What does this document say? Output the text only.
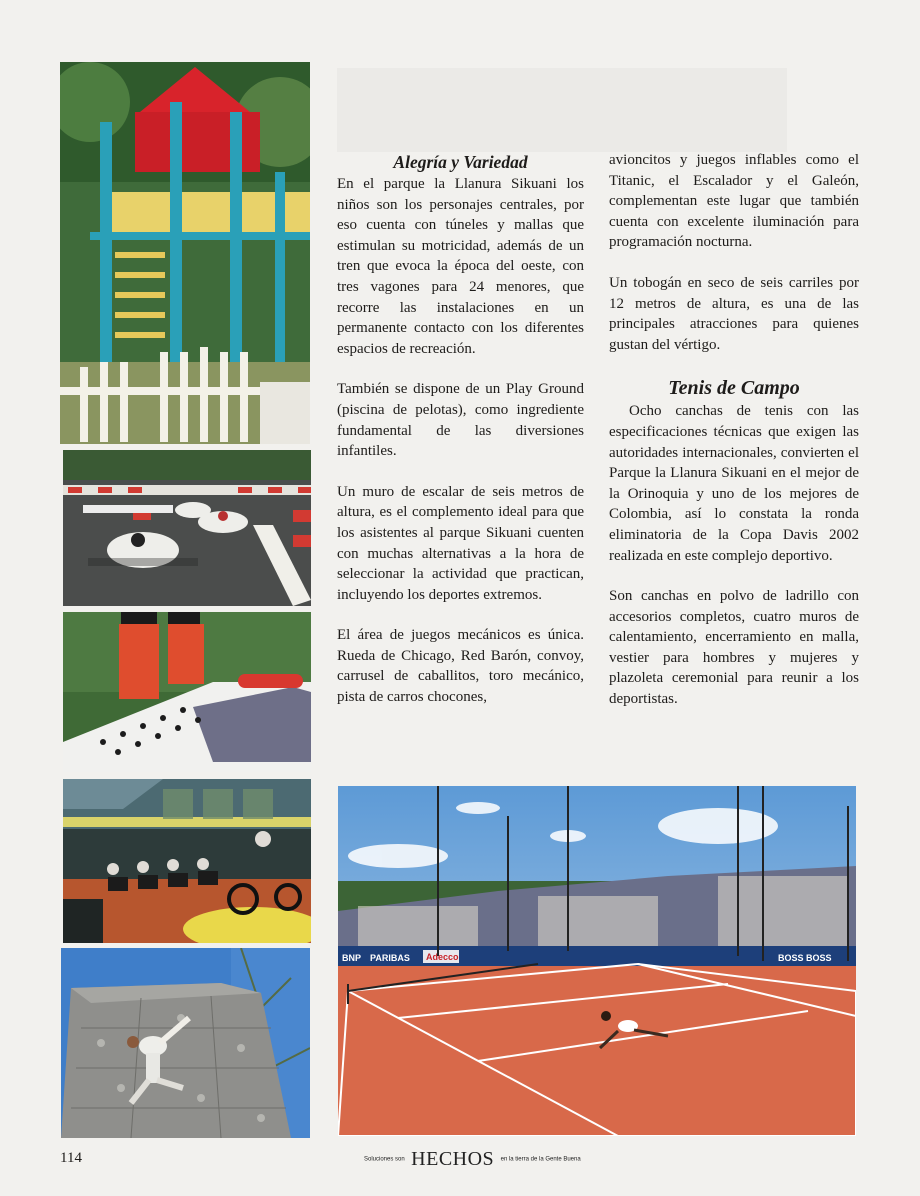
Alegría y Variedad

En el parque la Llanura Sikuani los niños son los personajes centrales, por eso cuenta con túneles y mallas que estimulan su motricidad, además de un tren que evoca la época del oeste, con tres vagones para 24 menores, que recorre las instalaciones en un permanente contacto con los diferentes espacios de recreación.

También se dispone de un Play Ground (piscina de pelotas), como ingrediente fundamental de las diversiones infantiles.

Un muro de escalar de seis metros de altura, es el complemento ideal para que los asistentes al parque Sikuani cuenten con muchas alternativas a la hora de seleccionar la actividad que practican, incluyendo los deportes extremos.

El área de juegos mecánicos es única. Rueda de Chicago, Red Barón, convoy, carrusel de caballitos, toro mecánico, pista de carros chocones,

avioncitos y juegos inflables como el Titanic, el Escalador y el Galeón, complementan este lugar que también cuenta con excelente iluminación para programación nocturna.

Un tobogán en seco de seis carriles por 12 metros de altura, es una de las principales atracciones para quienes gustan del vértigo.

Tenis de Campo

Ocho canchas de tenis con las especificaciones técnicas que exigen las autoridades internacionales, convierten el Parque la Llanura Sikuani en el mejor de la Orinoquia y uno de los mejores de Colombia, así lo constata la ronda eliminatoria de la Copa Davis 2002 realizada en este complejo deportivo.

Son canchas en polvo de ladrillo con accesorios completos, cuatro muros de calentamiento, encerramiento en malla, vestier para hombres y mujeres y plazoleta ceremonial para reunir a los deportistas.

BNP PARIBAS Adecco	BOSS BOSS
114	Soluciones son HECHOS en la tierra de la Gente Buena
